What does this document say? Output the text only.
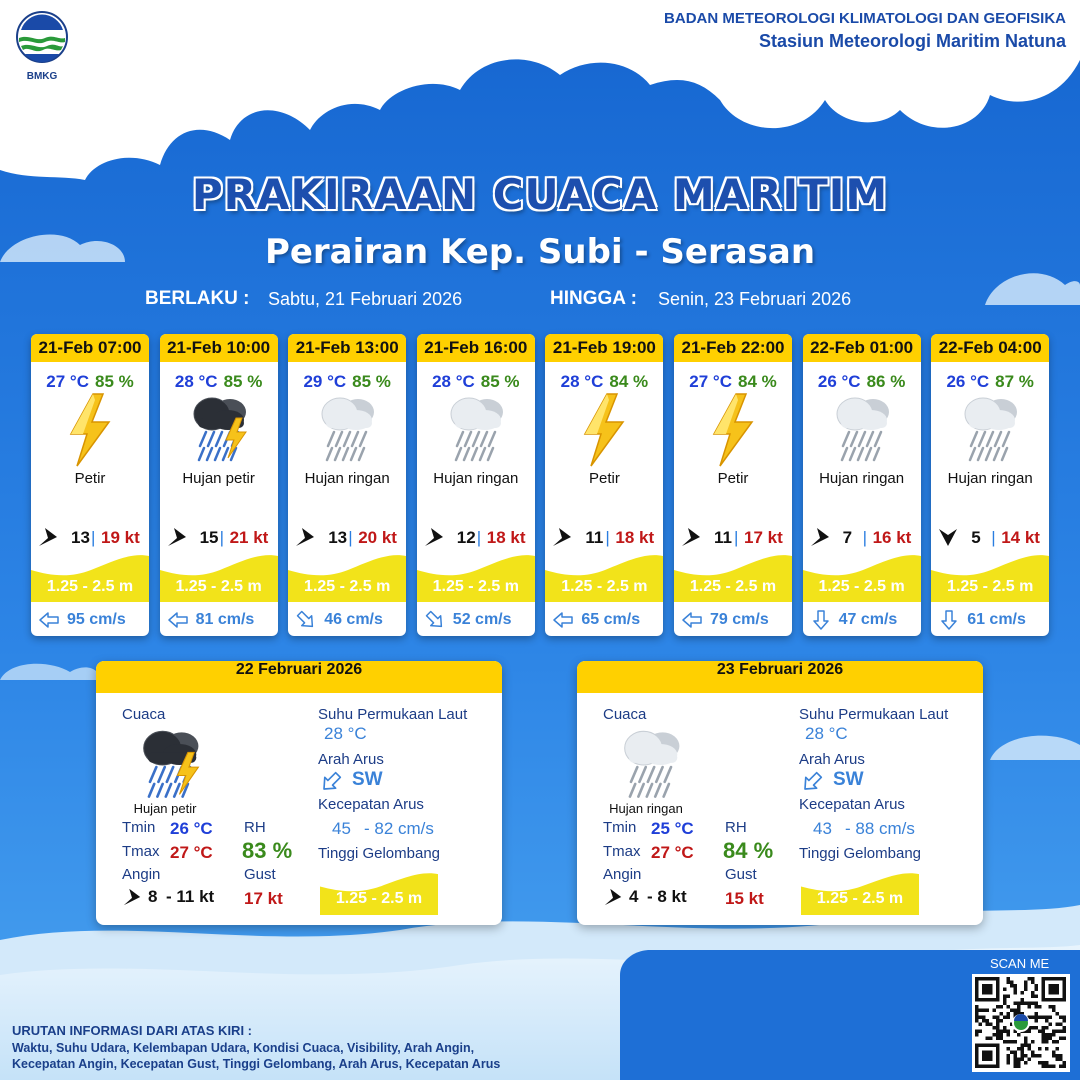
BMKG
BADAN METEOROLOGI KLIMATOLOGI DAN GEOFISIKA
Stasiun Meteorologi Maritim Natuna
PRAKIRAAN CUACA MARITIM
Perairan Kep. Subi - Serasan
BERLAKU : Sabtu, 21 Februari 2026	HINGGA : Senin, 23 Februari 2026
21-Feb 07:00
27 °C 85 %
Petir
13 | 19 kt
1.25 - 2.5 m
95 cm/s
21-Feb 10:00
28 °C 85 %
Hujan petir
15 | 21 kt
1.25 - 2.5 m
81 cm/s
21-Feb 13:00
29 °C 85 %
Hujan ringan
13 | 20 kt
1.25 - 2.5 m
46 cm/s
21-Feb 16:00
28 °C 85 %
Hujan ringan
12 | 18 kt
1.25 - 2.5 m
52 cm/s
21-Feb 19:00
28 °C 84 %
Petir
11 | 18 kt
1.25 - 2.5 m
65 cm/s
21-Feb 22:00
27 °C 84 %
Petir
11 | 17 kt
1.25 - 2.5 m
79 cm/s
22-Feb 01:00
26 °C 86 %
Hujan ringan
7 | 16 kt
1.25 - 2.5 m
47 cm/s
22-Feb 04:00
26 °C 87 %
Hujan ringan
5 | 14 kt
1.25 - 2.5 m
61 cm/s
22 Februari 2026
Cuaca
Hujan petir
Tmin 26 °C
Tmax 27 °C
Angin
8 - 11 kt
RH
83 %
Gust
17 kt
Suhu Permukaan Laut
28 °C
Arah Arus
SW
Kecepatan Arus
45 - 82 cm/s
Tinggi Gelombang
1.25 - 2.5 m
23 Februari 2026
Cuaca
Hujan ringan
Tmin 25 °C
Tmax 27 °C
Angin
4 - 8 kt
RH
84 %
Gust
15 kt
Suhu Permukaan Laut
28 °C
Arah Arus
SW
Kecepatan Arus
43 - 88 cm/s
Tinggi Gelombang
1.25 - 2.5 m
URUTAN INFORMASI DARI ATAS KIRI :
Waktu, Suhu Udara, Kelembapan Udara, Kondisi Cuaca, Visibility, Arah Angin,
Kecepatan Angin, Kecepatan Gust, Tinggi Gelombang, Arah Arus, Kecepatan Arus
SCAN ME
